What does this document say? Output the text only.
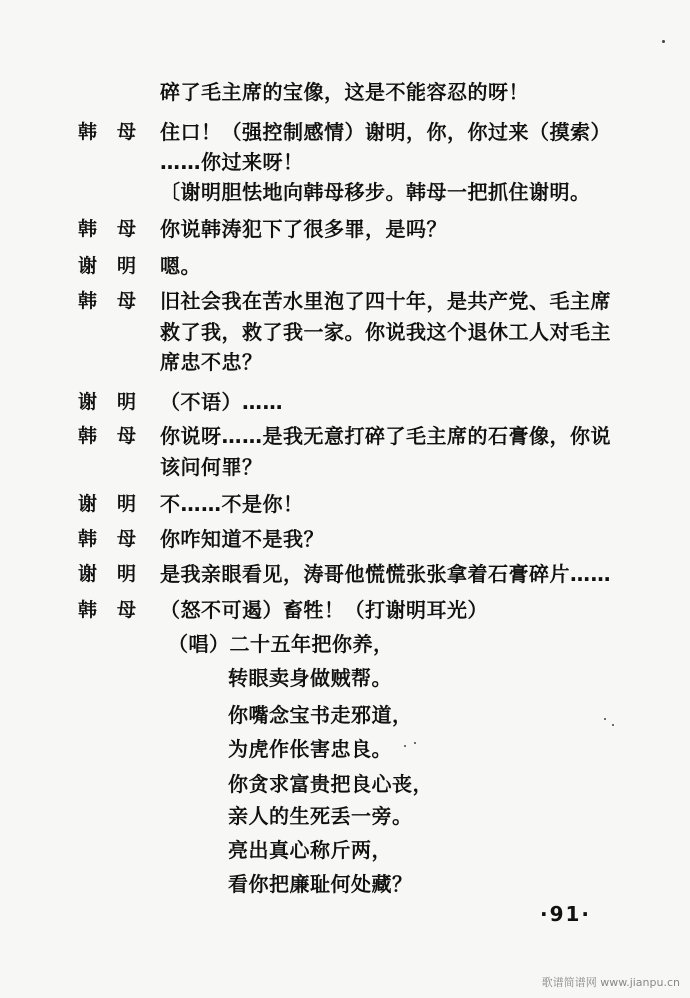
碎了毛主席的宝像，这是不能容忍的呀！
韩母 住口！（强控制感情）谢明，你，你过来（摸索）
……你过来呀！
〔谢明胆怯地向韩母移步。韩母一把抓住谢明。
韩母 你说韩涛犯下了很多罪，是吗？
谢明 嗯。
韩母 旧社会我在苦水里泡了四十年，是共产党、毛主席
救了我，救了我一家。你说我这个退休工人对毛主
席忠不忠？
谢明 （不语）……
韩母 你说呀……是我无意打碎了毛主席的石膏像，你说
该问何罪？
谢明 不……不是你！
韩母 你咋知道不是我？
谢明 是我亲眼看见，涛哥他慌慌张张拿着石膏碎片……
韩母 （怒不可遏）畜牲！（打谢明耳光）
（唱）二十五年把你养，
转眼卖身做贼帮。
你嘴念宝书走邪道，
为虎作伥害忠良。
你贪求富贵把良心丧，
亲人的生死丢一旁。
亮出真心称斤两，
看你把廉耻何处藏？
·91·
歌谱简谱网 www.jianpu.cn
